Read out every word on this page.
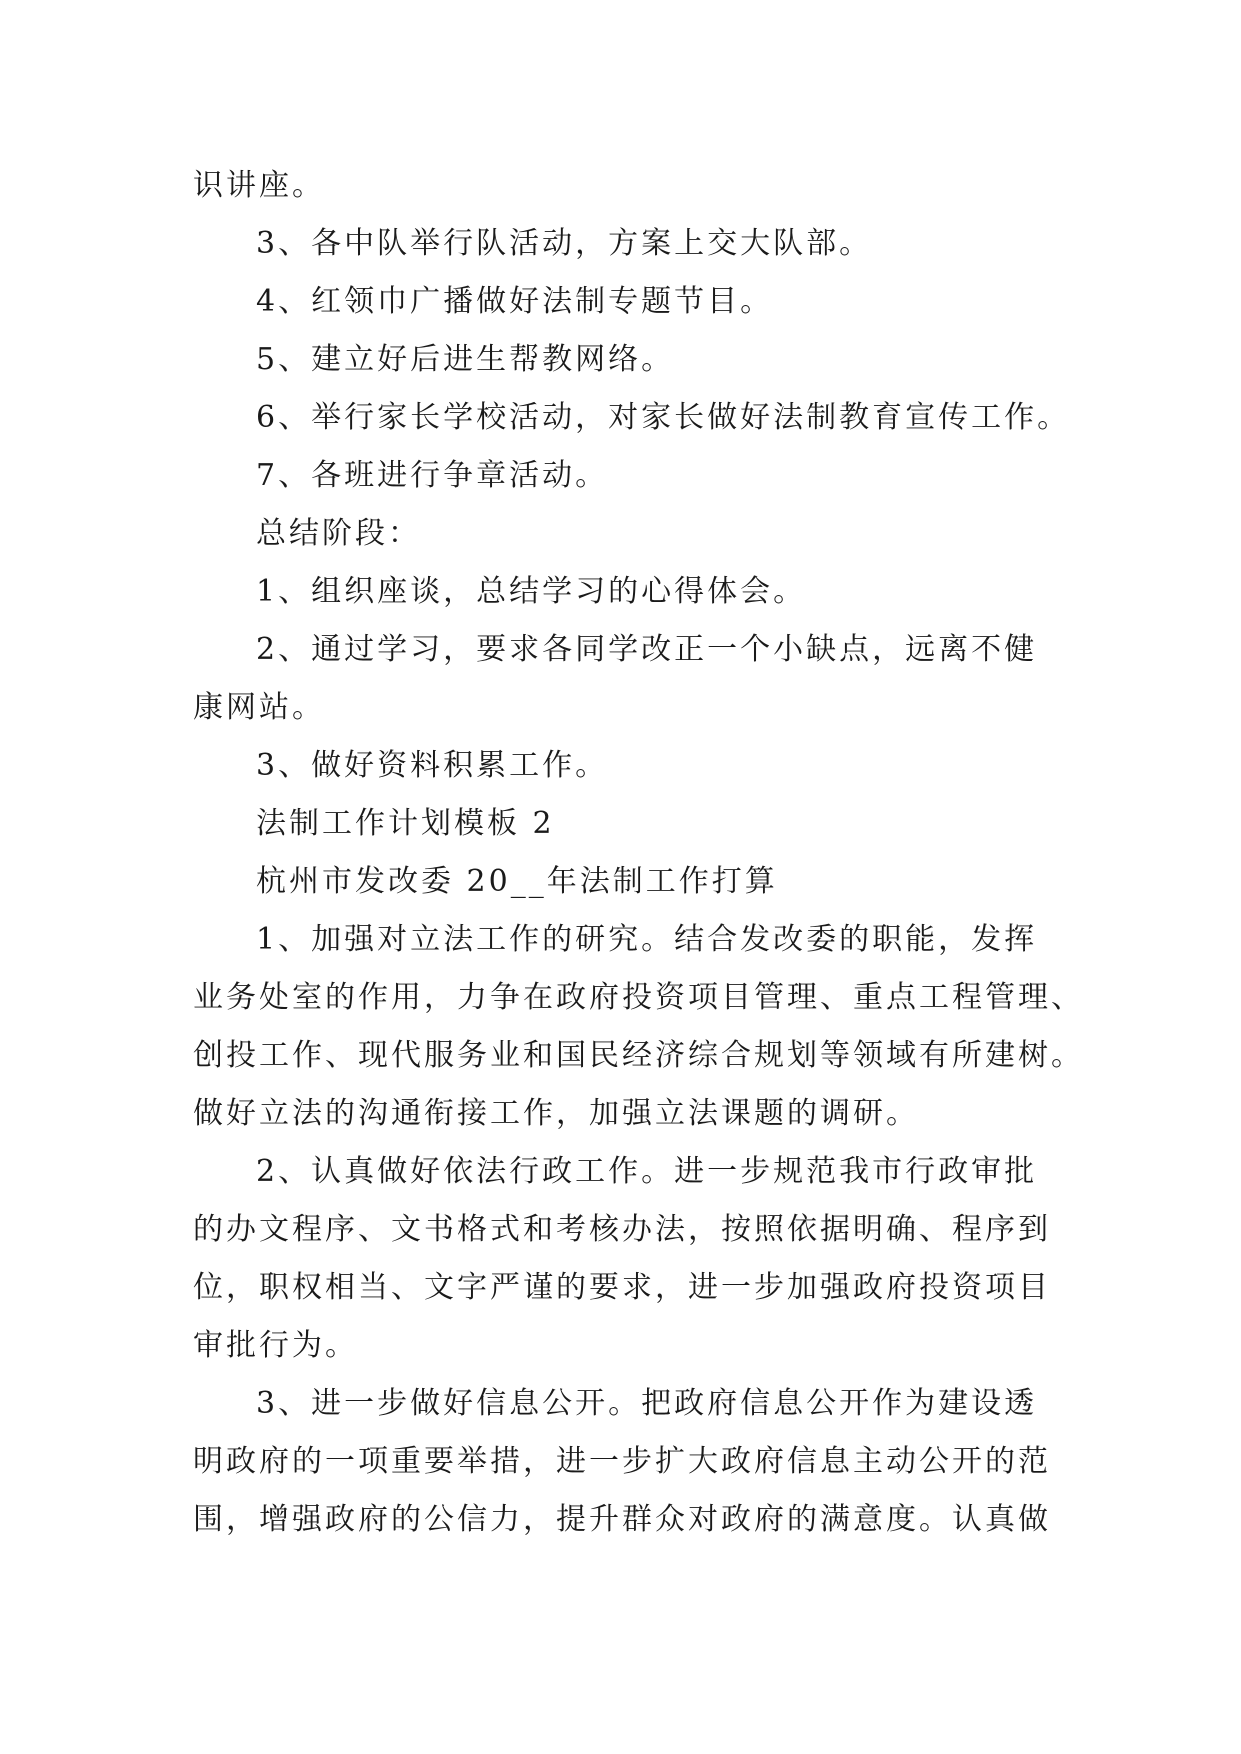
识讲座。
3、各中队举行队活动，方案上交大队部。
4、红领巾广播做好法制专题节目。
5、建立好后进生帮教网络。
6、举行家长学校活动，对家长做好法制教育宣传工作。
7、各班进行争章活动。
总结阶段：
1、组织座谈，总结学习的心得体会。
2、通过学习，要求各同学改正一个小缺点，远离不健
康网站。
3、做好资料积累工作。
法制工作计划模板 2
杭州市发改委 20__年法制工作打算
1、加强对立法工作的研究。结合发改委的职能，发挥
业务处室的作用，力争在政府投资项目管理、重点工程管理、
创投工作、现代服务业和国民经济综合规划等领域有所建树。
做好立法的沟通衔接工作，加强立法课题的调研。
2、认真做好依法行政工作。进一步规范我市行政审批
的办文程序、文书格式和考核办法，按照依据明确、程序到
位，职权相当、文字严谨的要求，进一步加强政府投资项目
审批行为。
3、进一步做好信息公开。把政府信息公开作为建设透
明政府的一项重要举措，进一步扩大政府信息主动公开的范
围，增强政府的公信力，提升群众对政府的满意度。认真做
